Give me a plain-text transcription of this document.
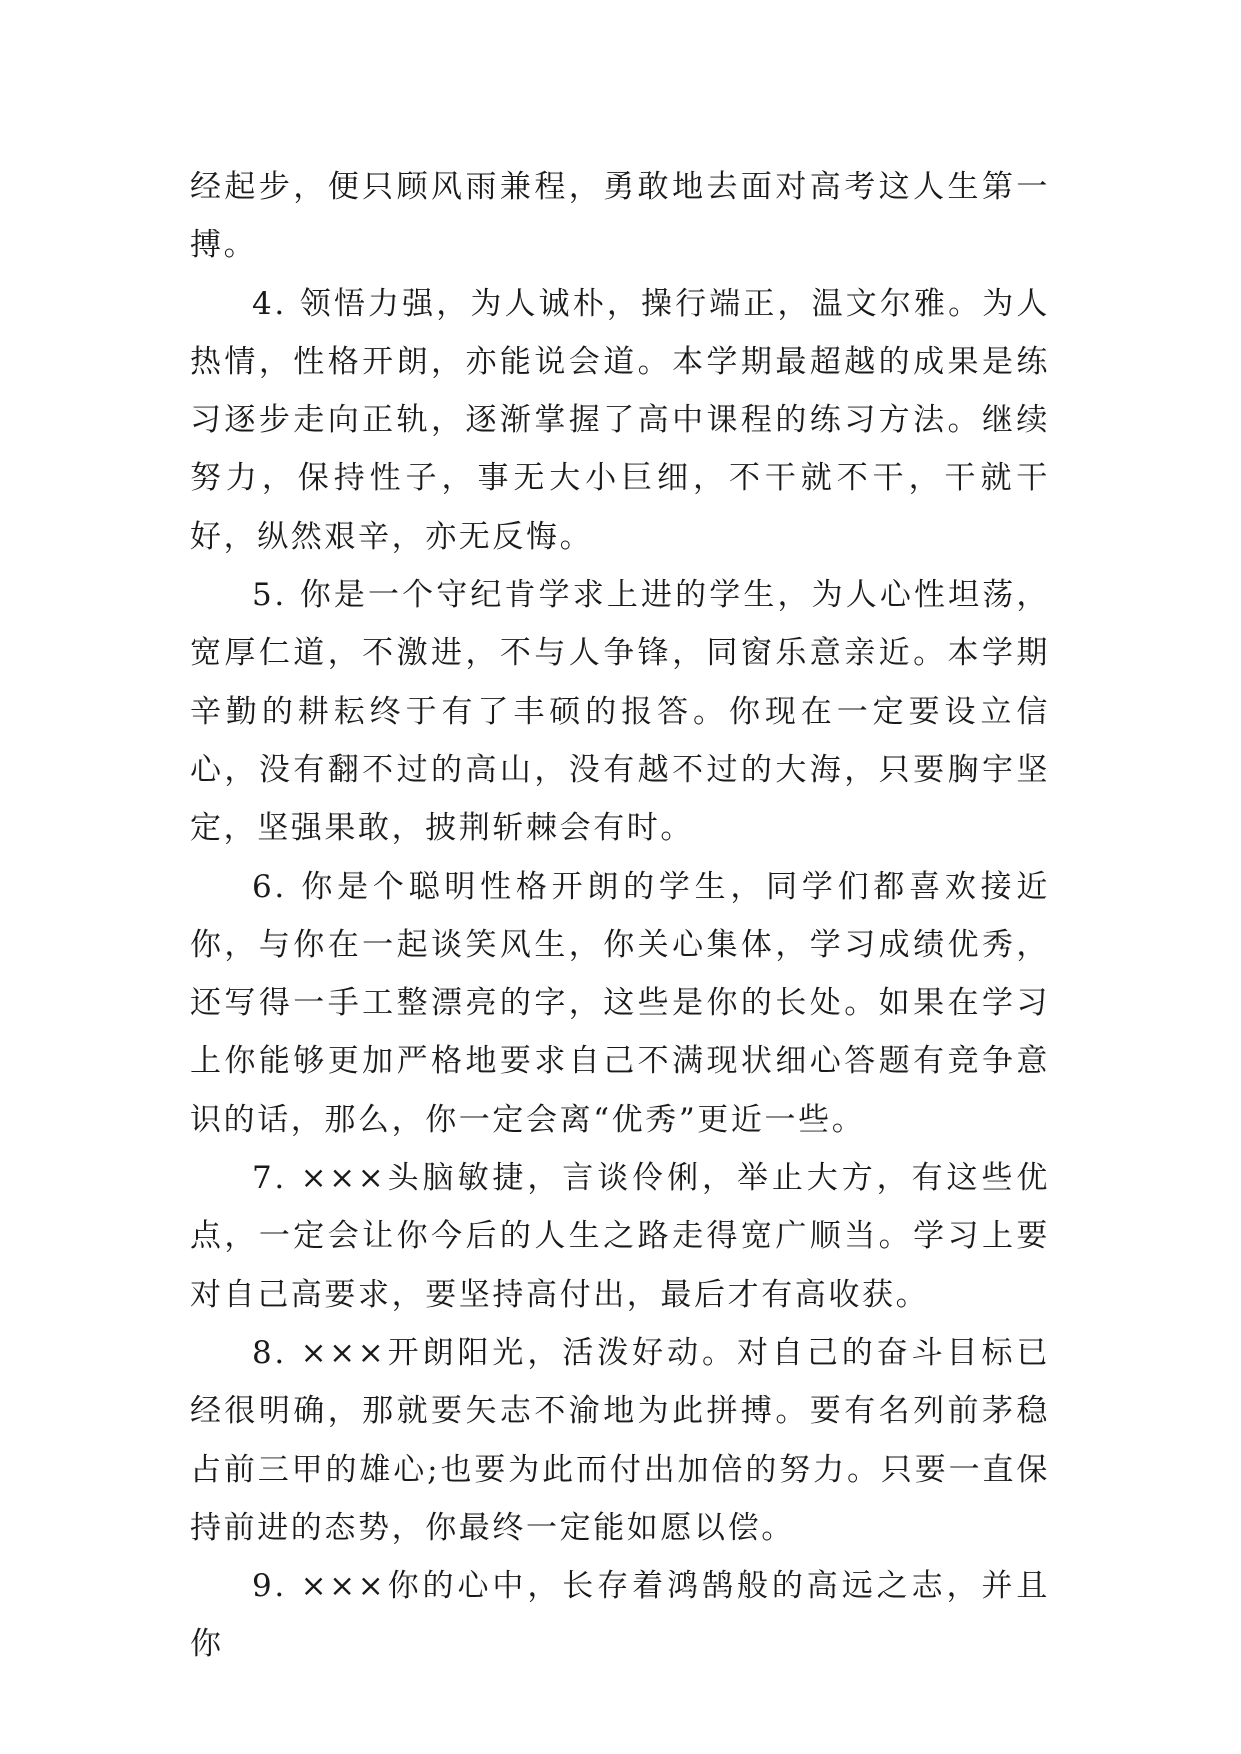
经起步，便只顾风雨兼程，勇敢地去面对高考这人生第一搏。

4. 领悟力强，为人诚朴，操行端正，温文尔雅。为人热情，性格开朗，亦能说会道。本学期最超越的成果是练习逐步走向正轨，逐渐掌握了高中课程的练习方法。继续努力，保持性子，事无大小巨细，不干就不干，干就干好，纵然艰辛，亦无反悔。

5. 你是一个守纪肯学求上进的学生，为人心性坦荡，宽厚仁道，不激进，不与人争锋，同窗乐意亲近。本学期辛勤的耕耘终于有了丰硕的报答。你现在一定要设立信心，没有翻不过的高山，没有越不过的大海，只要胸宇坚定，坚强果敢，披荆斩棘会有时。

6. 你是个聪明性格开朗的学生，同学们都喜欢接近你，与你在一起谈笑风生，你关心集体，学习成绩优秀，还写得一手工整漂亮的字，这些是你的长处。如果在学习上你能够更加严格地要求自己不满现状细心答题有竞争意识的话，那么，你一定会离“优秀”更近一些。

7. ×××头脑敏捷，言谈伶俐，举止大方，有这些优点，一定会让你今后的人生之路走得宽广顺当。学习上要对自己高要求，要坚持高付出，最后才有高收获。

8. ×××开朗阳光，活泼好动。对自己的奋斗目标已经很明确，那就要矢志不渝地为此拼搏。要有名列前茅稳占前三甲的雄心;也要为此而付出加倍的努力。只要一直保持前进的态势，你最终一定能如愿以偿。

9. ×××你的心中，长存着鸿鹄般的高远之志，并且你
